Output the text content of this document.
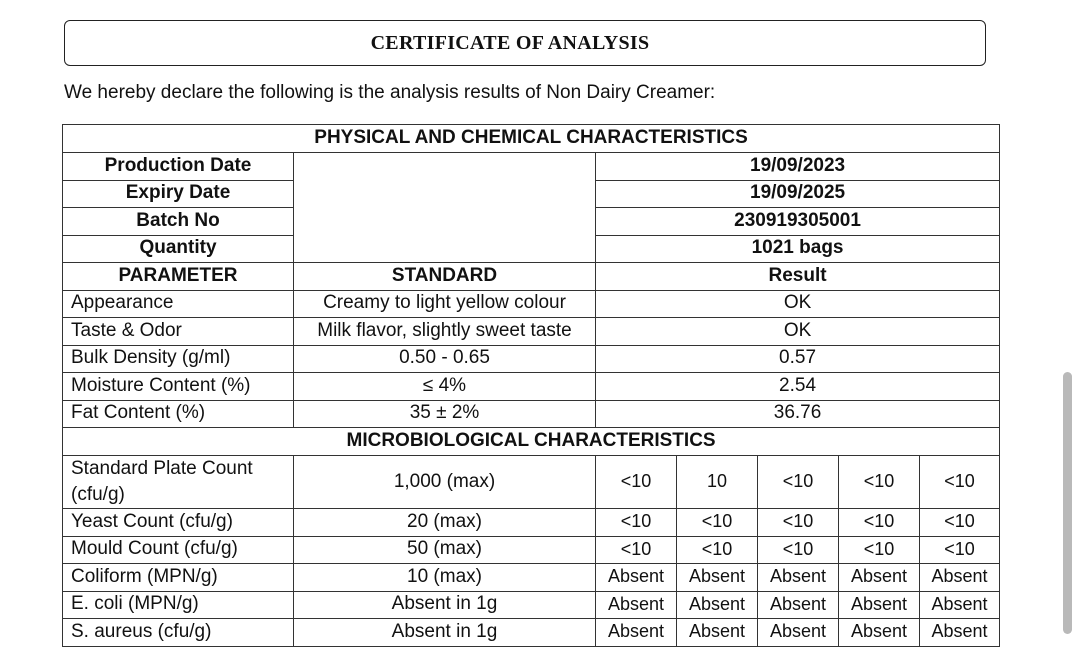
CERTIFICATE OF ANALYSIS
We hereby declare the following is the analysis results of Non Dairy Creamer:
PHYSICAL AND CHEMICAL CHARACTERISTICS						
Production Date		19/09/2023				
Expiry Date		19/09/2025				
Batch No		230919305001				
Quantity		1021 bags				
PARAMETER	STANDARD	Result				
Appearance	Creamy to light yellow colour	OK				
Taste & Odor	Milk flavor, slightly sweet taste	OK				
Bulk Density (g/ml)	0.50 - 0.65	0.57				
Moisture Content (%)	≤ 4%	2.54				
Fat Content (%)	35 ± 2%	36.76				
MICROBIOLOGICAL CHARACTERISTICS						
Standard Plate Count (cfu/g)	1,000 (max)	<10	10	<10	<10	<10
Yeast Count (cfu/g)	20 (max)	<10	<10	<10	<10	<10
Mould Count (cfu/g)	50 (max)	<10	<10	<10	<10	<10
Coliform (MPN/g)	10 (max)	Absent	Absent	Absent	Absent	Absent
E. coli (MPN/g)	Absent in 1g	Absent	Absent	Absent	Absent	Absent
S. aureus (cfu/g)	Absent in 1g	Absent	Absent	Absent	Absent	Absent
